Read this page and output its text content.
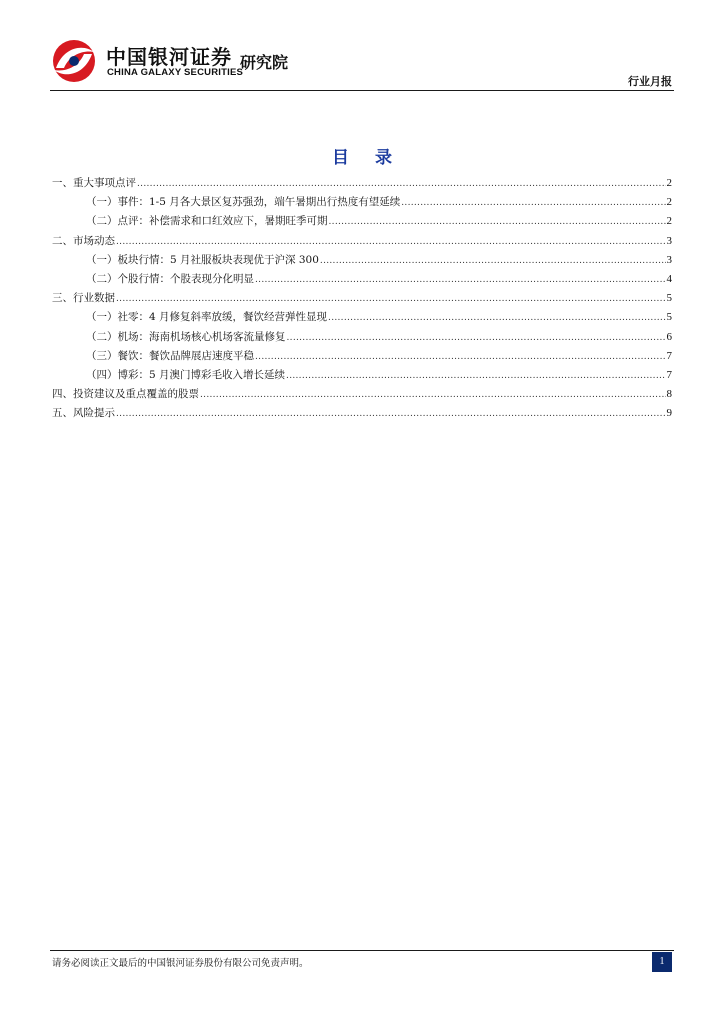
中国银河证券
CHINA GALAXY SECURITIES
研究院
行业月报
目 录
一、重大事项点评 .....	2
（一）事件：1-5 月各大景区复苏强劲，端午暑期出行热度有望延续 .....	2
（二）点评：补偿需求和口红效应下，暑期旺季可期 .....	2
二、市场动态 .....	3
（一）板块行情：5 月社服板块表现优于沪深 300 .....	3
（二）个股行情：个股表现分化明显 .....	4
三、行业数据 .....	5
（一）社零：4 月修复斜率放缓，餐饮经营弹性显现 .....	5
（二）机场：海南机场核心机场客流量修复 .....	6
（三）餐饮：餐饮品牌展店速度平稳 .....	7
（四）博彩：5 月澳门博彩毛收入增长延续 .....	7
四、投资建议及重点覆盖的股票 .....	8
五、风险提示 .....	9
请务必阅读正文最后的中国银河证券股份有限公司免责声明。	1
